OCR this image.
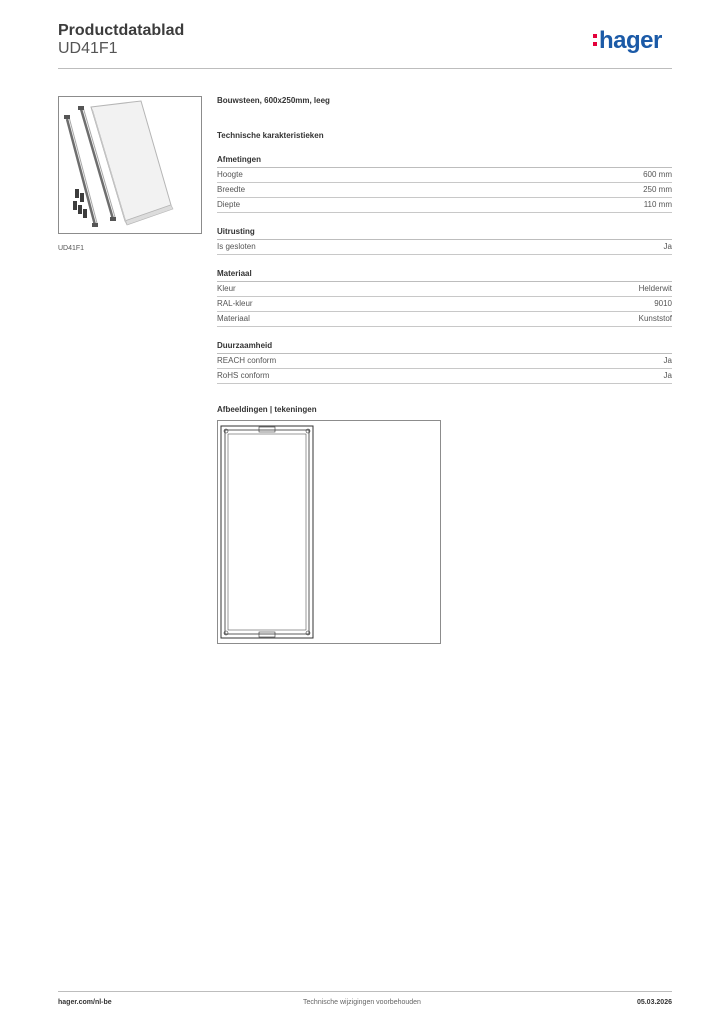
Productdatablad
UD41F1	hager
UD41F1
Bouwsteen, 600x250mm, leeg
Technische karakteristieken
Afmetingen
Hoogte	600 mm
Breedte	250 mm
Diepte	110 mm
Uitrusting
Is gesloten	Ja
Materiaal
Kleur	Helderwit
RAL-kleur	9010
Materiaal	Kunststof
Duurzaamheid
REACH conform	Ja
RoHS conform	Ja
Afbeeldingen | tekeningen
hager.com/nl-be	Technische wijzigingen voorbehouden	05.03.2026
